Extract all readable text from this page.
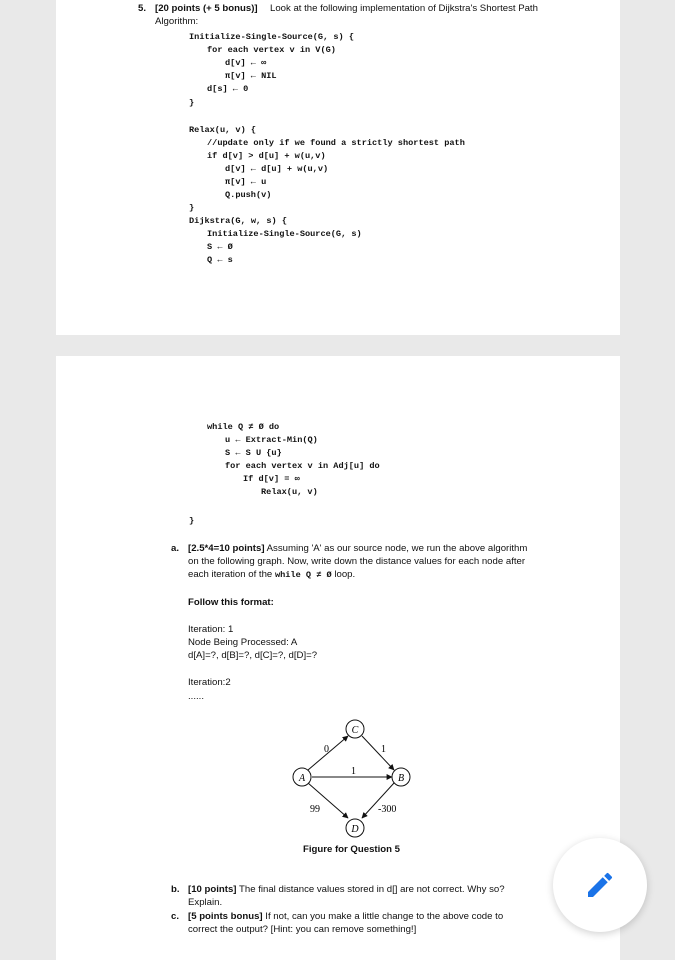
5. [20 points (+ 5 bonus)] Look at the following implementation of Dijkstra's Shortest Path
Algorithm:
Initialize-Single-Source(G, s) {
for each vertex v in V(G)
d[v] ← ∞
π[v] ← NIL
d[s] ← 0
}
Relax(u, v) {
//update only if we found a strictly shortest path
if d[v] > d[u] + w(u,v)
d[v] ← d[u] + w(u,v)
π[v] ← u
Q.push(v)
}
Dijkstra(G, w, s) {
Initialize-Single-Source(G, s)
S ← Ø
Q ← s
while Q ≠ Ø do
u ← Extract-Min(Q)
S ← S U {u}
for each vertex v in Adj[u] do
If d[v] = ∞
Relax(u, v)
}
a. [2.5*4=10 points] Assuming 'A' as our source node, we run the above algorithm
on the following graph. Now, write down the distance values for each node after
each iteration of the while Q ≠ Ø loop.
Follow this format:
Iteration: 1
Node Being Processed: A
d[A]=?, d[B]=?, d[C]=?, d[D]=?
Iteration:2
......
C
A	B
D
0	1
1
99	-300
Figure for Question 5
b. [10 points] The final distance values stored in d[] are not correct. Why so?
Explain.
c. [5 points bonus] If not, can you make a little change to the above code to
correct the output? [Hint: you can remove something!]
